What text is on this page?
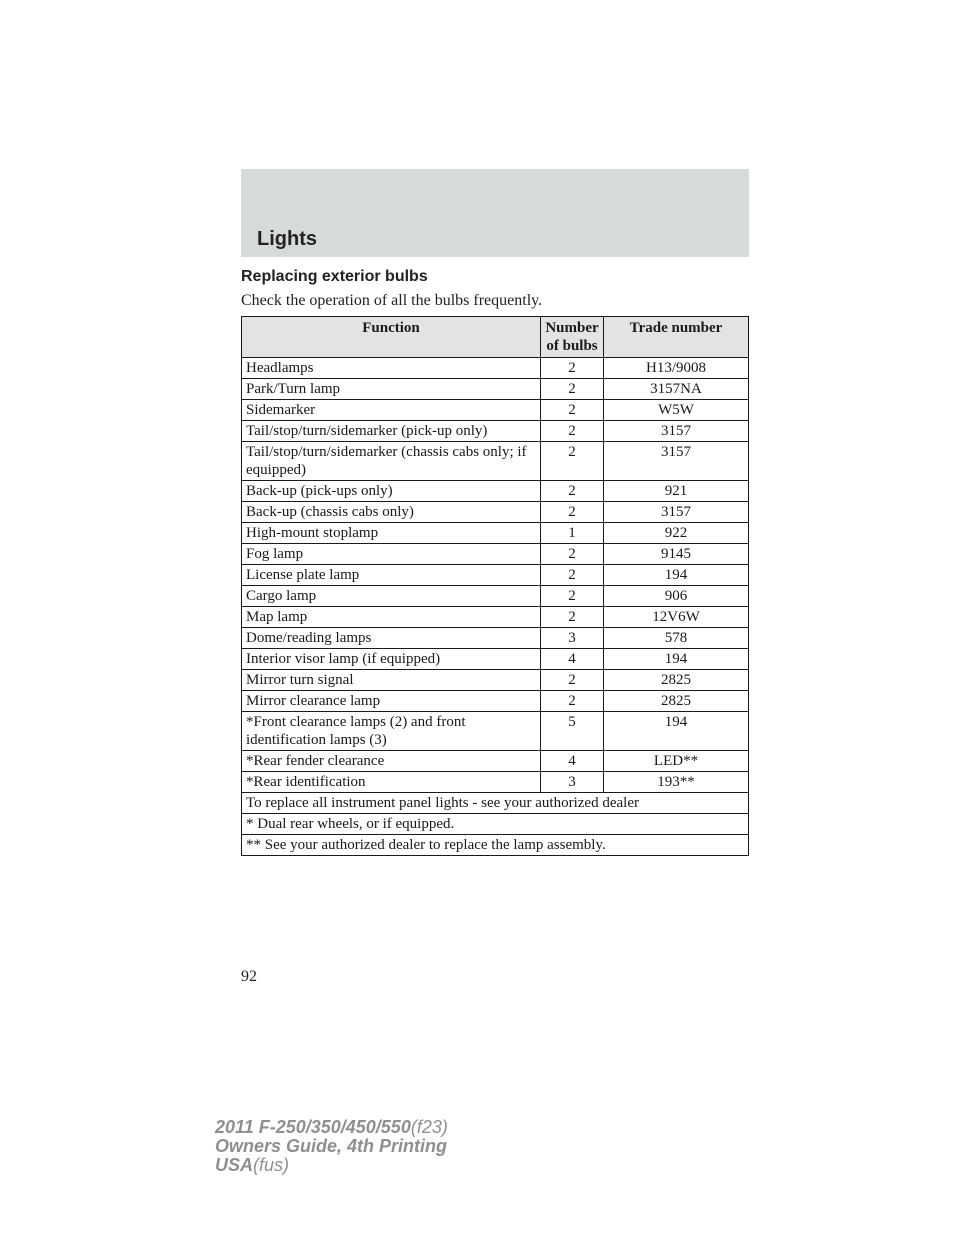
Lights
Replacing exterior bulbs
Check the operation of all the bulbs frequently.
Function	Number of bulbs	Trade number
Headlamps	2	H13/9008
Park/Turn lamp	2	3157NA
Sidemarker	2	W5W
Tail/stop/turn/sidemarker (pick-up only)	2	3157
Tail/stop/turn/sidemarker (chassis cabs only; if equipped)	2	3157
Back-up (pick-ups only)	2	921
Back-up (chassis cabs only)	2	3157
High-mount stoplamp	1	922
Fog lamp	2	9145
License plate lamp	2	194
Cargo lamp	2	906
Map lamp	2	12V6W
Dome/reading lamps	3	578
Interior visor lamp (if equipped)	4	194
Mirror turn signal	2	2825
Mirror clearance lamp	2	2825
*Front clearance lamps (2) and front identification lamps (3)	5	194
*Rear fender clearance	4	LED**
*Rear identification	3	193**
To replace all instrument panel lights - see your authorized dealer		
* Dual rear wheels, or if equipped.		
** See your authorized dealer to replace the lamp assembly.		
92
2011 F-250/350/450/550(f23)
Owners Guide, 4th Printing
USA(fus)
